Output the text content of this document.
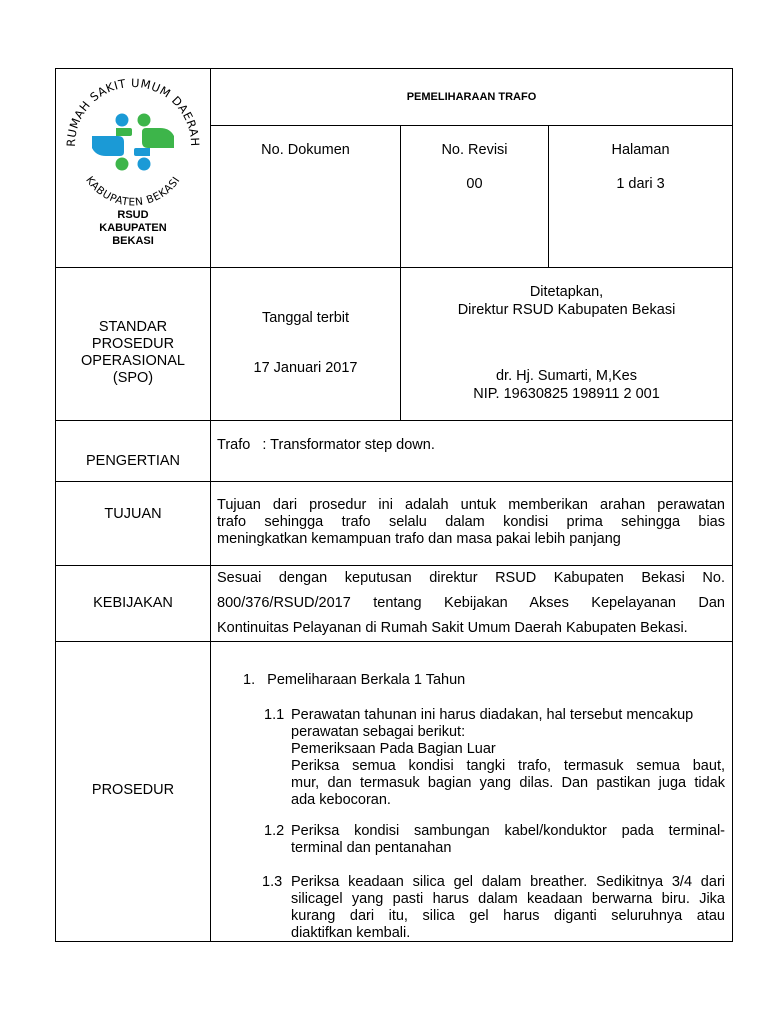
RUMAH SAKIT UMUM DAERAH
KABUPATEN BEKASI
RSUD
KABUPATEN
BEKASI
PEMELIHARAAN TRAFO
No. Dokumen	No. Revisi
00
Halaman
1 dari 3
STANDAR
PROSEDUR
OPERASIONAL
(SPO)
Tanggal terbit
17 Januari 2017
Ditetapkan,
Direktur RSUD Kabupaten Bekasi
dr. Hj. Sumarti, M,Kes
NIP. 19630825 198911 2 001
PENGERTIAN
Trafo   : Transformator step down.
TUJUAN
Tujuan dari prosedur ini adalah untuk memberikan arahan perawatan
trafo sehingga trafo selalu dalam kondisi prima sehingga bias
meningkatkan kemampuan trafo dan masa pakai lebih panjang
KEBIJAKAN
Sesuai dengan keputusan direktur RSUD Kabupaten Bekasi No.
800/376/RSUD/2017 tentang Kebijakan Akses Kepelayanan Dan
Kontinuitas Pelayanan di Rumah Sakit Umum Daerah Kabupaten Bekasi.
PROSEDUR
1.   Pemeliharaan Berkala 1 Tahun
1.1 Perawatan tahunan ini harus diadakan, hal tersebut mencakup
perawatan sebagai berikut:
Pemeriksaan Pada Bagian Luar
Periksa semua kondisi tangki trafo, termasuk semua baut,
mur, dan termasuk bagian yang dilas. Dan pastikan juga tidak
ada kebocoran.
1.2 Periksa kondisi sambungan kabel/konduktor pada terminal-
terminal dan pentanahan
1.3 Periksa keadaan silica gel dalam breather. Sedikitnya 3/4 dari
silicagel yang pasti harus dalam keadaan berwarna biru. Jika
kurang dari itu, silica gel harus diganti seluruhnya atau
diaktifkan kembali.
